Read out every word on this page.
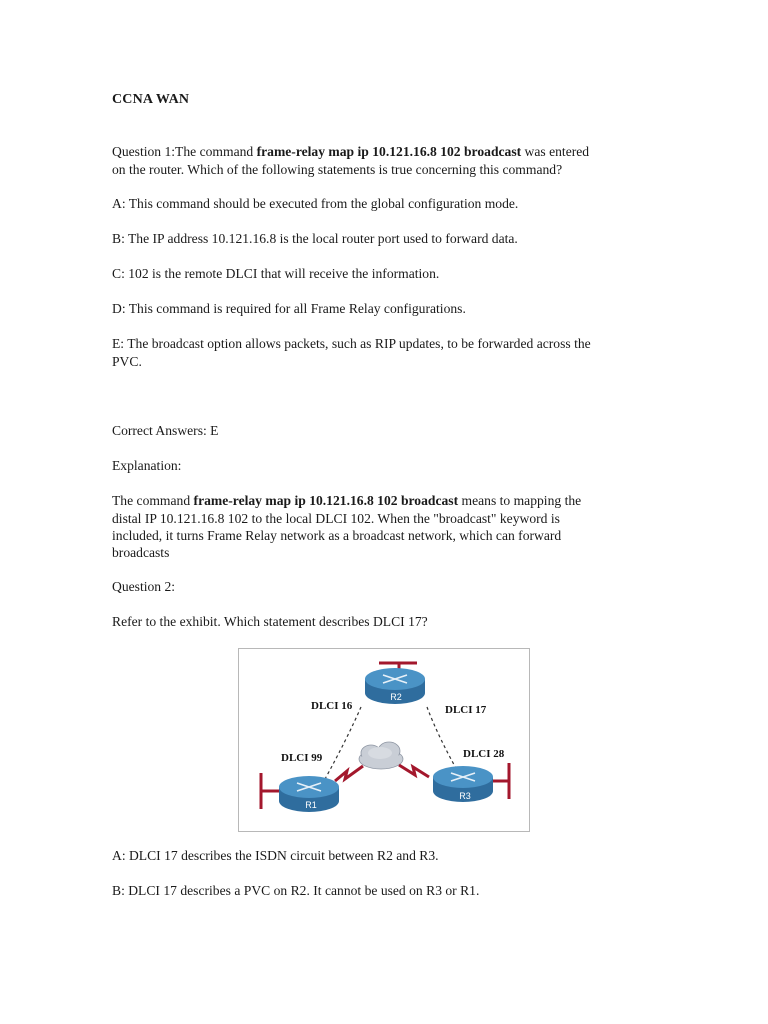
CCNA WAN
Question 1:The command frame-relay map ip 10.121.16.8 102 broadcast was entered
on the router. Which of the following statements is true concerning this command?
A: This command should be executed from the global configuration mode.
B: The IP address 10.121.16.8 is the local router port used to forward data.
C: 102 is the remote DLCI that will receive the information.
D: This command is required for all Frame Relay configurations.
E: The broadcast option allows packets, such as RIP updates, to be forwarded across the
PVC.
Correct Answers: E
Explanation:
The command frame-relay map ip 10.121.16.8 102 broadcast means to mapping the
distal IP 10.121.16.8 102 to the local DLCI 102. When the "broadcast" keyword is
included, it turns Frame Relay network as a broadcast network, which can forward
broadcasts
Question 2:
Refer to the exhibit. Which statement describes DLCI 17?
A: DLCI 17 describes the ISDN circuit between R2 and R3.
B: DLCI 17 describes a PVC on R2. It cannot be used on R3 or R1.
R2
R1
R3
DLCI 16	DLCI 17
DLCI 99	DLCI 28
